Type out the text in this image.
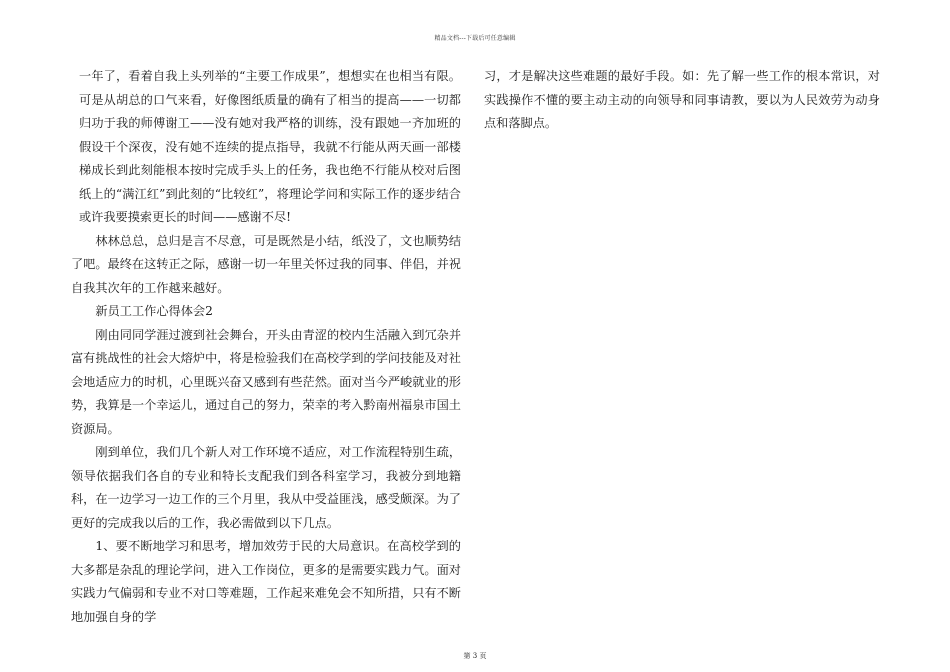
精品文档---下载后可任意编辑

一年了，看着自我上头列举的“主要工作成果”，想想实在也相当有限。可是从胡总的口气来看，好像图纸质量的确有了相当的提高——一切都归功于我的师傅谢工——没有她对我严格的训练，没有跟她一齐加班的假设干个深夜，没有她不连续的提点指导，我就不行能从两天画一部楼梯成长到此刻能根本按时完成手头上的任务，我也绝不行能从校对后图纸上的“满江红”到此刻的“比较红”，将理论学问和实际工作的逐步结合或许我要摸索更长的时间——感谢不尽!

林林总总，总归是言不尽意，可是既然是小结，纸没了，文也顺势结了吧。最终在这转正之际，感谢一切一年里关怀过我的同事、伴侣，并祝自我其次年的工作越来越好。

新员工工作心得体会2

刚由同同学涯过渡到社会舞台，开头由青涩的校内生活融入到冗杂并富有挑战性的社会大熔炉中，将是检验我们在高校学到的学问技能及对社会地适应力的时机，心里既兴奋又感到有些茫然。面对当今严峻就业的形势，我算是一个幸运儿，通过自己的努力，荣幸的考入黔南州福泉市国土资源局。

刚到单位，我们几个新人对工作环境不适应，对工作流程特别生疏，领导依据我们各自的专业和特长支配我们到各科室学习，我被分到地籍科，在一边学习一边工作的三个月里，我从中受益匪浅，感受颇深。为了更好的完成我以后的工作，我必需做到以下几点。

1、要不断地学习和思考，增加效劳于民的大局意识。在高校学到的大多都是杂乱的理论学问，进入工作岗位，更多的是需要实践力气。面对实践力气偏弱和专业不对口等难题，工作起来难免会不知所措，只有不断地加强自身的学

习，才是解决这些难题的最好手段。如：先了解一些工作的根本常识，对实践操作不懂的要主动主动的向领导和同事请教，要以为人民效劳为动身点和落脚点。

第 3 页
